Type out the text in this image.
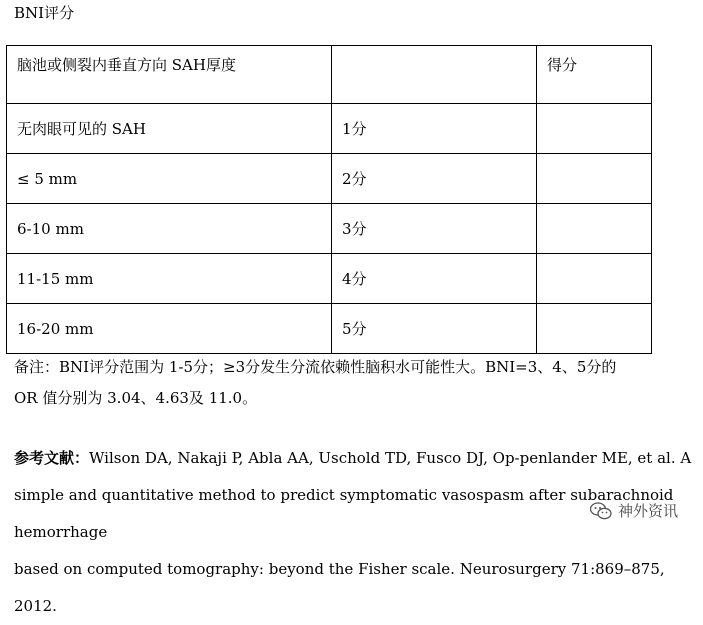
BNI评分
脑池或侧裂内垂直方向 SAH厚度		得分
无肉眼可见的 SAH	1分	
≤ 5 mm	2分	
6‑10 mm	3分	
11‑15 mm	4分	
16‑20 mm	5分	
备注：BNI评分范围为 1-5分；≥3分发生分流依赖性脑积水可能性大。BNI=3、4、5分的
OR 值分别为 3.04、4.63及 11.0。
参考文献：Wilson DA, Nakaji P, Abla AA, Uschold TD, Fusco DJ, Op-penlander ME, et al. A
simple and quantitative method to predict symptomatic vasospasm after subarachnoid hemorrhage
based on computed tomography: beyond the Fisher scale. Neurosurgery 71:869–875, 2012.
神外资讯
